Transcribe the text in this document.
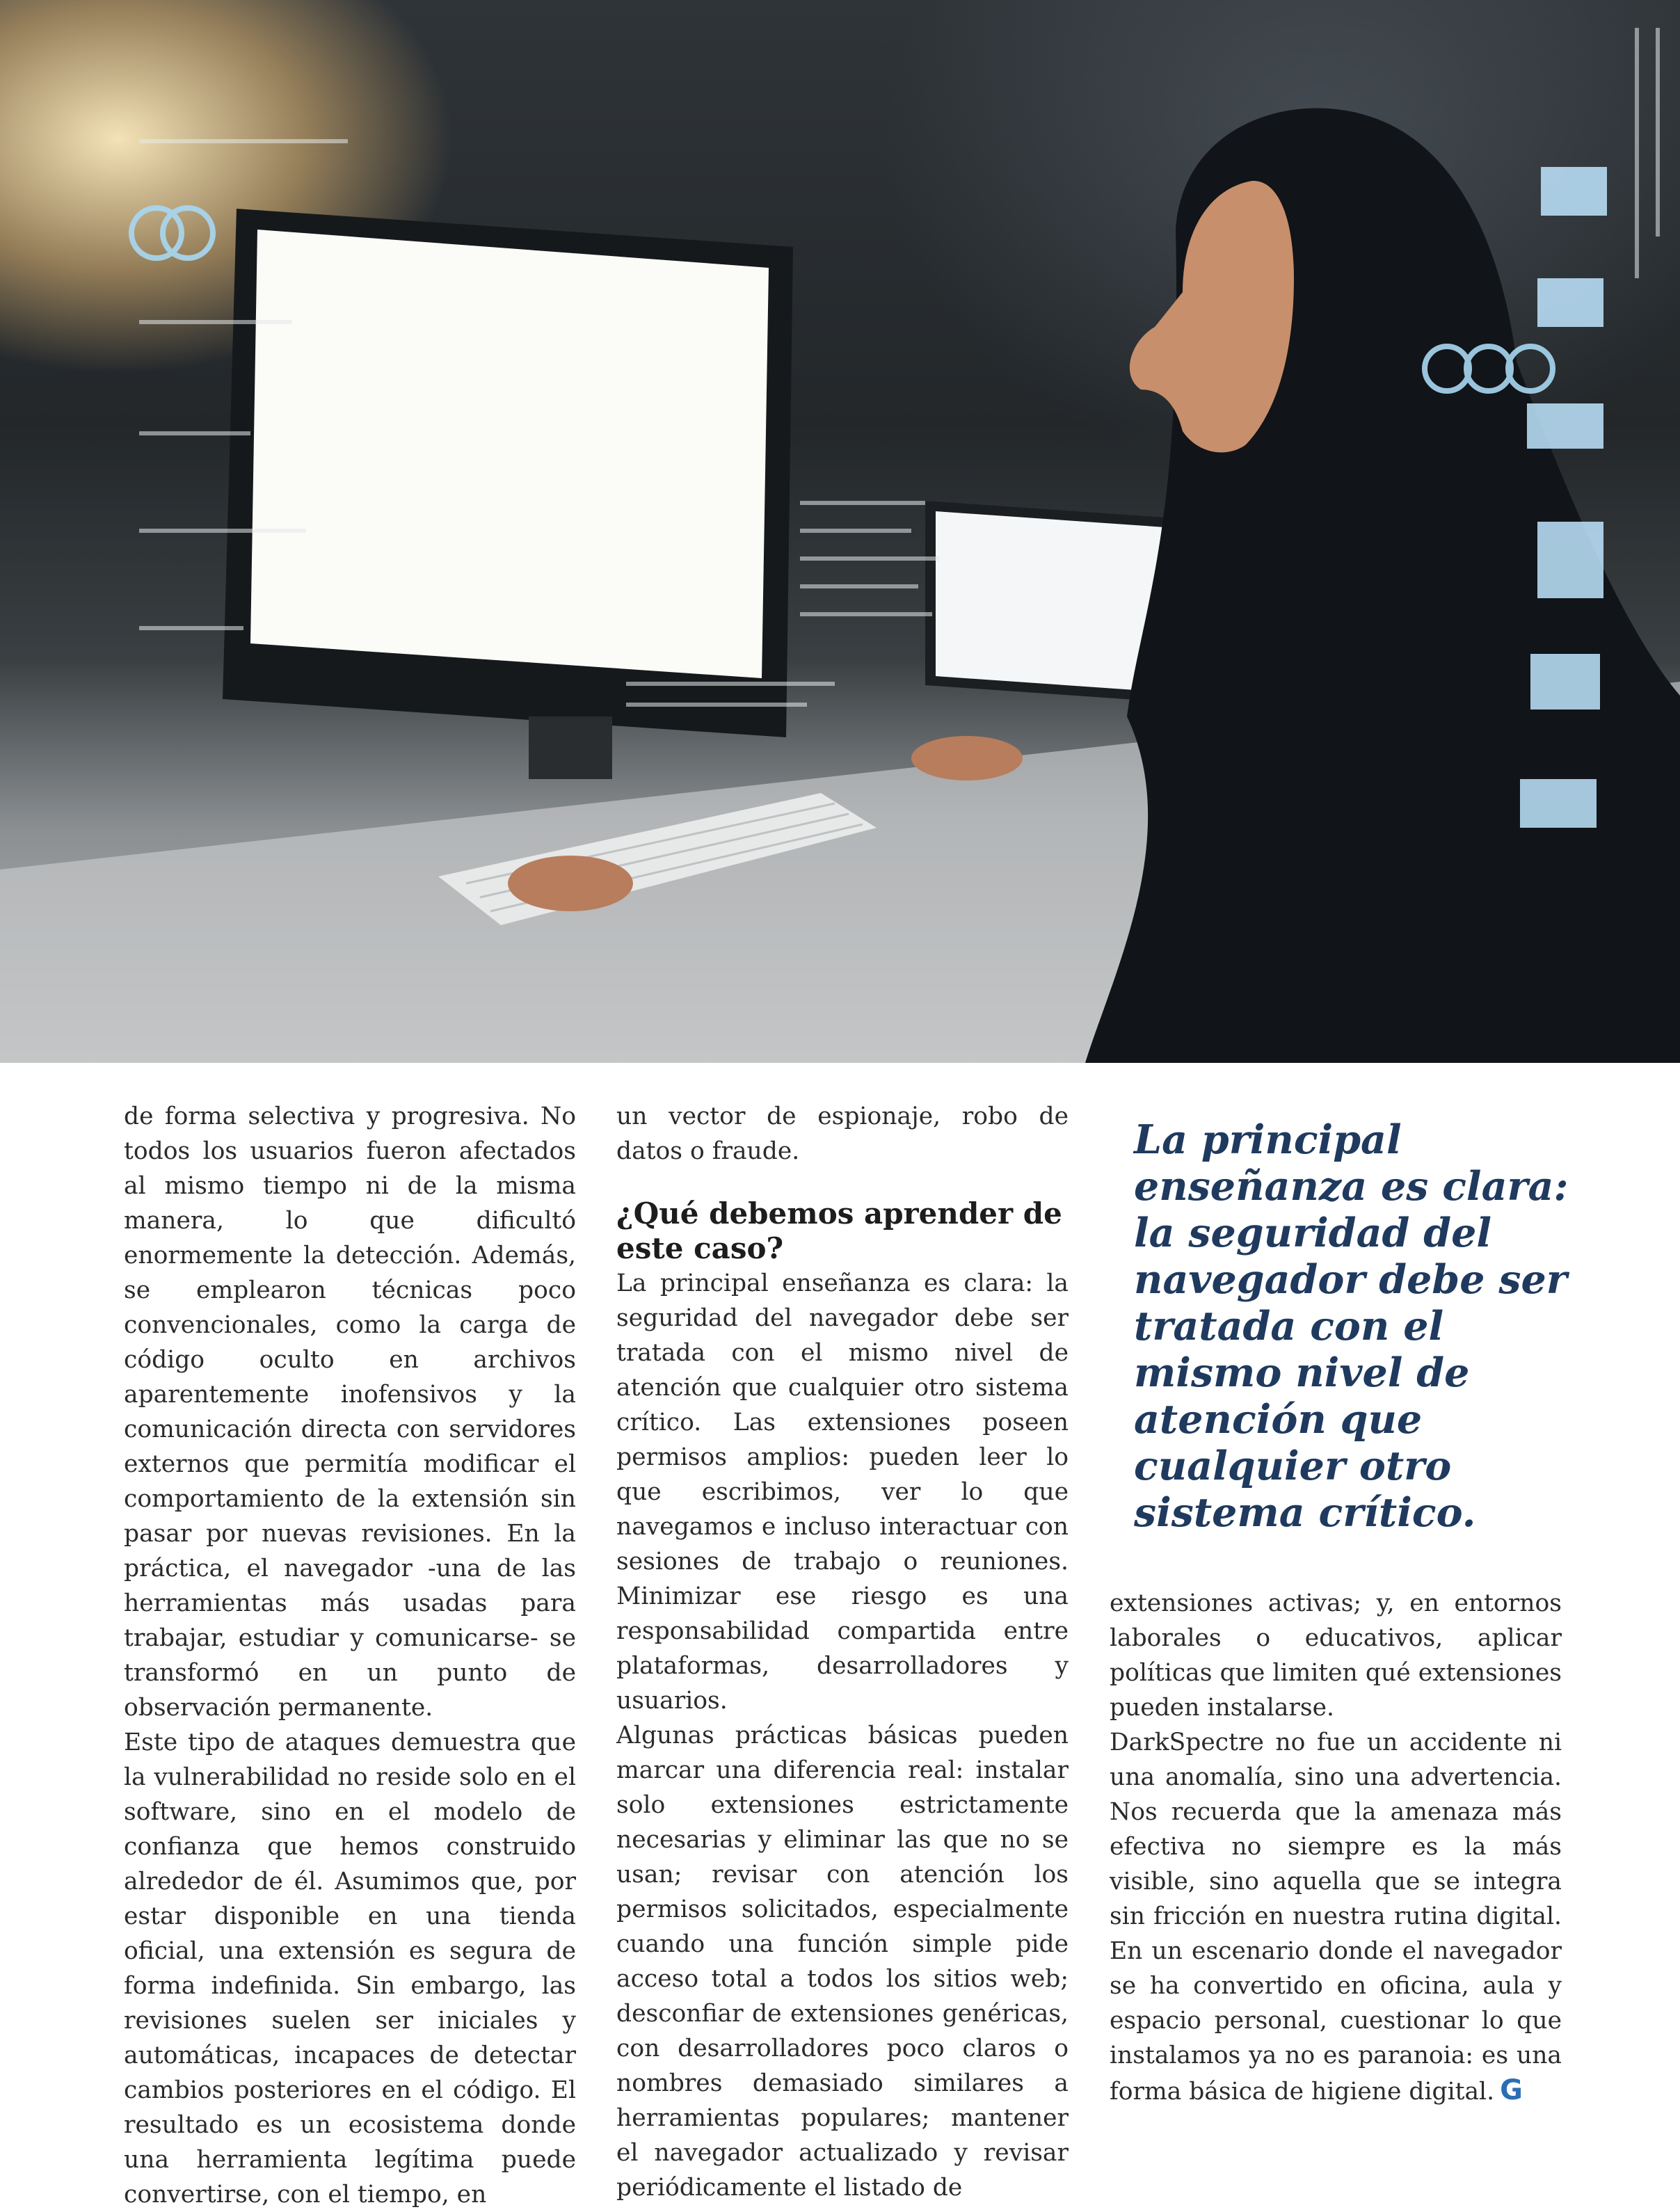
de forma selectiva y progresiva. No todos los usuarios fueron afectados al mismo tiempo ni de la misma manera, lo que dificultó enormemente la detección. Además, se emplearon técnicas poco convencionales, como la carga de código oculto en archivos aparentemente inofensivos y la comunicación directa con servidores externos que permitía modificar el comportamiento de la extensión sin pasar por nuevas revisiones. En la práctica, el navegador -una de las herramientas más usadas para trabajar, estudiar y comunicarse- se transformó en un punto de observación permanente.

Este tipo de ataques demuestra que la vulnerabilidad no reside solo en el software, sino en el modelo de confianza que hemos construido alrededor de él. Asumimos que, por estar disponible en una tienda oficial, una extensión es segura de forma indefinida. Sin embargo, las revisiones suelen ser iniciales y automáticas, incapaces de detectar cambios posteriores en el código. El resultado es un ecosistema donde una herramienta legítima puede convertirse, con el tiempo, en

un vector de espionaje, robo de datos o fraude.

¿Qué debemos aprender de este caso?

La principal enseñanza es clara: la seguridad del navegador debe ser tratada con el mismo nivel de atención que cualquier otro sistema crítico. Las extensiones poseen permisos amplios: pueden leer lo que escribimos, ver lo que navegamos e incluso interactuar con sesiones de trabajo o reuniones. Minimizar ese riesgo es una responsabilidad compartida entre plataformas, desarrolladores y usuarios.

Algunas prácticas básicas pueden marcar una diferencia real: instalar solo extensiones estrictamente necesarias y eliminar las que no se usan; revisar con atención los permisos solicitados, especialmente cuando una función simple pide acceso total a todos los sitios web; desconfiar de extensiones genéricas, con desarrolladores poco claros o nombres demasiado similares a herramientas populares; mantener el navegador actualizado y revisar periódicamente el listado de

La principal enseñanza es clara: la seguridad del navegador debe ser tratada con el mismo nivel de atención que cualquier otro sistema crítico.

extensiones activas; y, en entornos laborales o educativos, aplicar políticas que limiten qué extensiones pueden instalarse.

DarkSpectre no fue un accidente ni una anomalía, sino una advertencia. Nos recuerda que la amenaza más efectiva no siempre es la más visible, sino aquella que se integra sin fricción en nuestra rutina digital. En un escenario donde el navegador se ha convertido en oficina, aula y espacio personal, cuestionar lo que instalamos ya no es paranoia: es una forma básica de higiene digital. G
